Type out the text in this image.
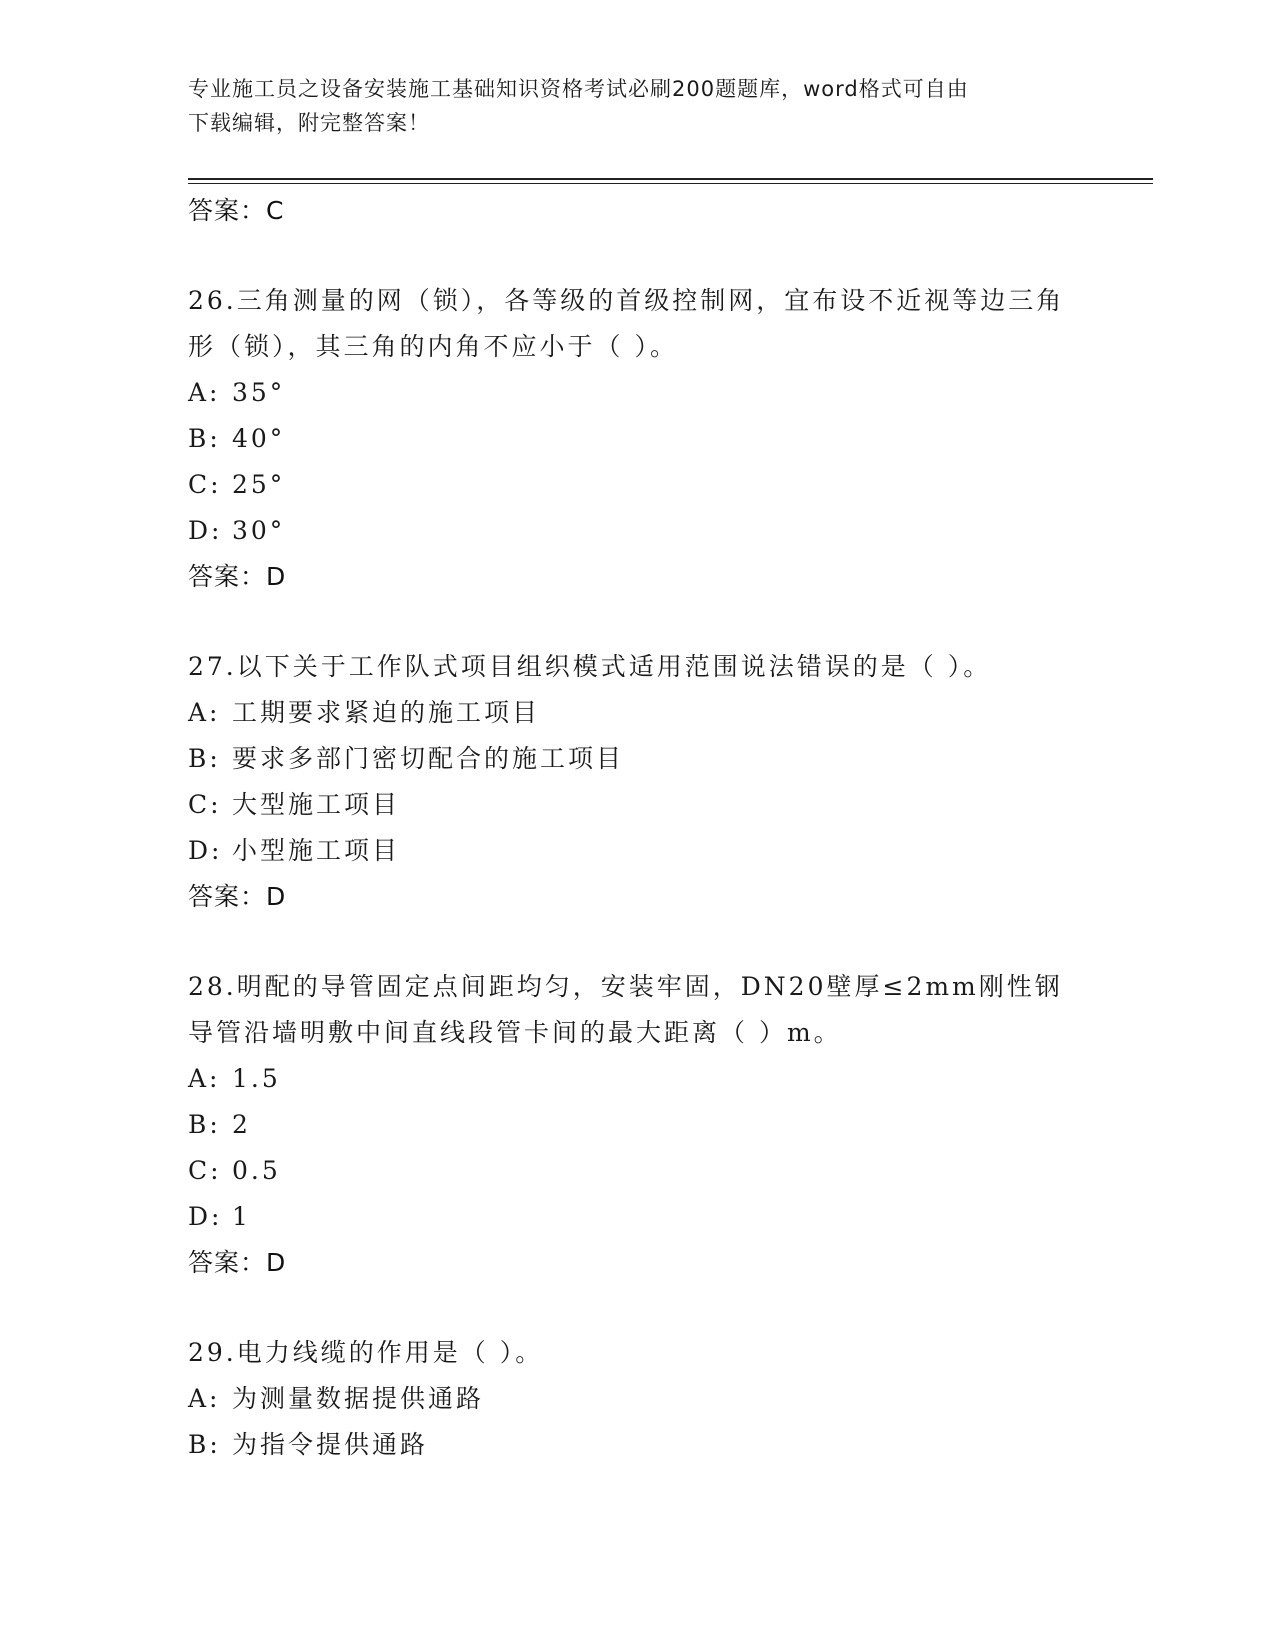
专业施工员之设备安装施工基础知识资格考试必刷200题题库，word格式可自由
下载编辑，附完整答案！
答案：C
26.三角测量的网（锁），各等级的首级控制网，宜布设不近视等边三角形（锁），其三角的内角不应小于（ ）。
A: 35°
B: 40°
C: 25°
D: 30°
答案：D
27.以下关于工作队式项目组织模式适用范围说法错误的是（ ）。
A: 工期要求紧迫的施工项目
B: 要求多部门密切配合的施工项目
C: 大型施工项目
D: 小型施工项目
答案：D
28.明配的导管固定点间距均匀，安装牢固，DN20壁厚≤2mm刚性钢导管沿墙明敷中间直线段管卡间的最大距离（ ）m。
A: 1.5
B: 2
C: 0.5
D: 1
答案：D
29.电力线缆的作用是（ ）。
A: 为测量数据提供通路
B: 为指令提供通路
